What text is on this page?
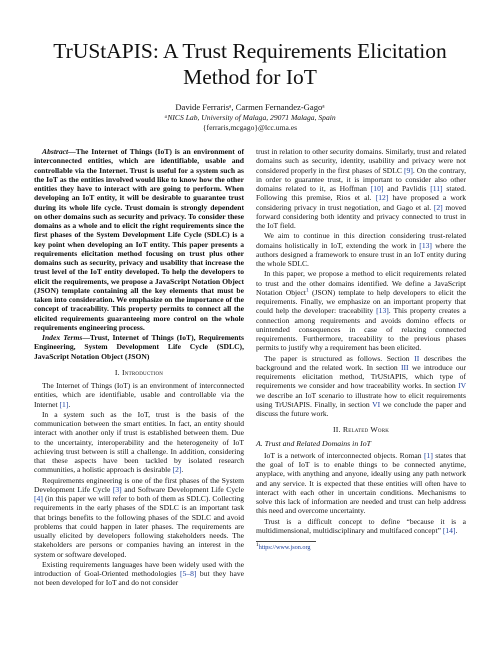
TrUStAPIS: A Trust Requirements Elicitation Method for IoT
Davide Ferrarisᵃ, Carmen Fernandez-Gagoᵃ
ᵃNICS Lab, University of Malaga, 29071 Malaga, Spain
{ferraris,mcgago}@lcc.uma.es

Abstract—The Internet of Things (IoT) is an environment of interconnected entities, which are identifiable, usable and controllable via the Internet. Trust is useful for a system such as the IoT as the entities involved would like to know how the other entities they have to interact with are going to perform. When developing an IoT entity, it will be desirable to guarantee trust during its whole life cycle. Trust domain is strongly dependent on other domains such as security and privacy. To consider these domains as a whole and to elicit the right requirements since the first phases of the System Development Life Cycle (SDLC) is a key point when developing an IoT entity. This paper presents a requirements elicitation method focusing on trust plus other domains such as security, privacy and usability that increase the trust level of the IoT entity developed. To help the developers to elicit the requirements, we propose a JavaScript Notation Object (JSON) template containing all the key elements that must be taken into consideration. We emphasize on the importance of the concept of traceability. This property permits to connect all the elicited requirements guaranteeing more control on the whole requirements engineering process.

Index Terms—Trust, Internet of Things (IoT), Requirements Engineering, System Development Life Cycle (SDLC), JavaScript Notation Object (JSON)

I. Introduction

The Internet of Things (IoT) is an environment of interconnected entities, which are identifiable, usable and controllable via the Internet [1].

In a system such as the IoT, trust is the basis of the communication between the smart entities. In fact, an entity should interact with another only if trust is established between them. Due to the uncertainty, interoperability and the heterogeneity of IoT achieving trust between is still a challenge. In addition, considering that these aspects have been tackled by isolated research communities, a holistic approach is desirable [2].

Requirements engineering is one of the first phases of the System Development Life Cycle [3] and Software Development Life Cycle [4] (in this paper we will refer to both of them as SDLC). Collecting requirements in the early phases of the SDLC is an important task that brings benefits to the following phases of the SDLC and avoid problems that could happen in later phases. The requirements are usually elicited by developers following stakeholders needs. The stakeholders are persons or companies having an interest in the system or software developed.

Existing requirements languages have been widely used with the introduction of Goal-Oriented methodologies [5–8] but they have not been developed for IoT and do not consider

trust in relation to other security domains. Similarly, trust and related domains such as security, identity, usability and privacy were not considered properly in the first phases of SDLC [9]. On the contrary, in order to guarantee trust, it is important to consider also other domains related to it, as Hoffman [10] and Pavlidis [11] stated. Following this premise, Rios et al. [12] have proposed a work considering privacy in trust negotiation, and Gago et al. [2] moved forward considering both identity and privacy connected to trust in the IoT field.

We aim to continue in this direction considering trust-related domains holistically in IoT, extending the work in [13] where the authors designed a framework to ensure trust in an IoT entity during the whole SDLC.

In this paper, we propose a method to elicit requirements related to trust and the other domains identified. We define a JavaScript Notation Object$^1$ (JSON) template to help developers to elicit the requirements. Finally, we emphasize on an important property that could help the developer: traceability [13]. This property creates a connection among requirements and avoids domino effects or unintended consequences in case of relaxing connected requirements. Furthermore, traceability to the previous phases permits to justify why a requirement has been elicited.

The paper is structured as follows. Section II describes the background and the related work. In section III we introduce our requirements elicitation method, TrUStAPIS, which type of requirements we consider and how traceability works. In section IV we describe an IoT scenario to illustrate how to elicit requirements using TrUStAPIS. Finally, in section VI we conclude the paper and discuss the future work.

II. Related Work
A. Trust and Related Domains in IoT

IoT is a network of interconnected objects. Roman [1] states that the goal of IoT is to enable things to be connected anytime, anyplace, with anything and anyone, ideally using any path network and any service. It is expected that these entities will often have to interact with each other in uncertain conditions. Mechanisms to solve this lack of information are needed and trust can help address this need and overcome uncertainty.

Trust is a difficult concept to define “because it is a multidimensional, multidisciplinary and multifaced concept” [14].

1https://www.json.org
